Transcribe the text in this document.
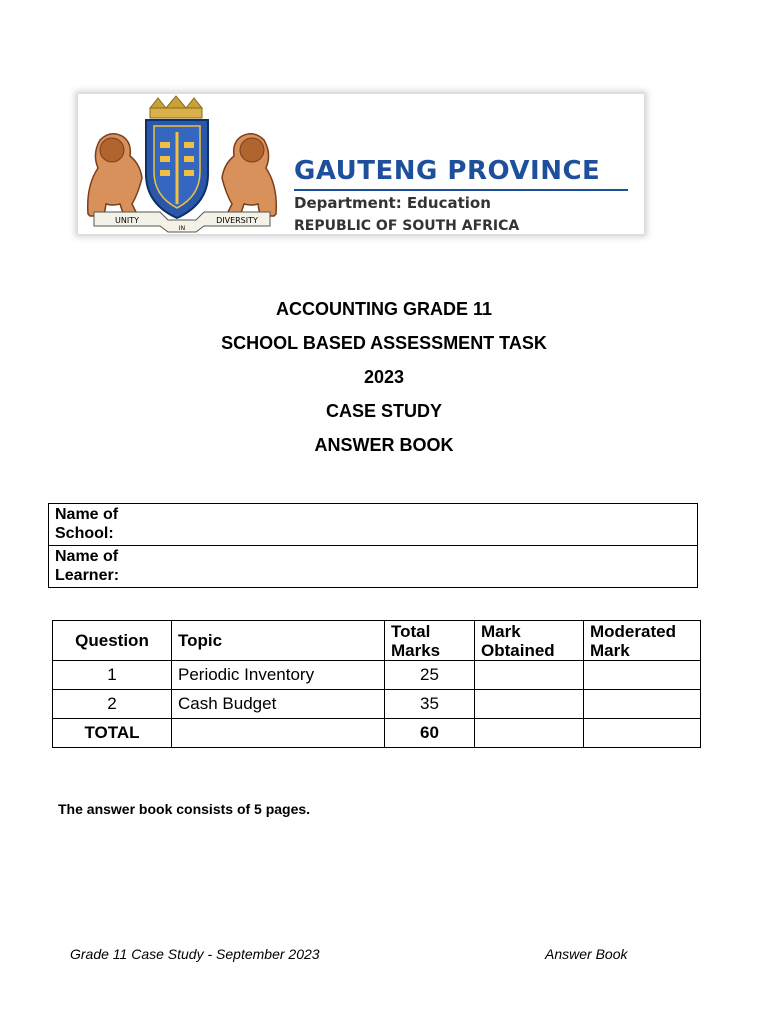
UNITY
IN
DIVERSITY
GAUTENG PROVINCE
Department: Education
REPUBLIC OF SOUTH AFRICA
ACCOUNTING GRADE 11
SCHOOL BASED ASSESSMENT TASK
2023
CASE STUDY
ANSWER BOOK
Name of School:
Name of Learner:
Question	Topic	Total Marks	Mark Obtained	Moderated Mark
1	Periodic Inventory	25		
2	Cash Budget	35		
TOTAL		60		
The answer book consists of 5 pages.
Grade 11 Case Study - September 2023	Answer Book
